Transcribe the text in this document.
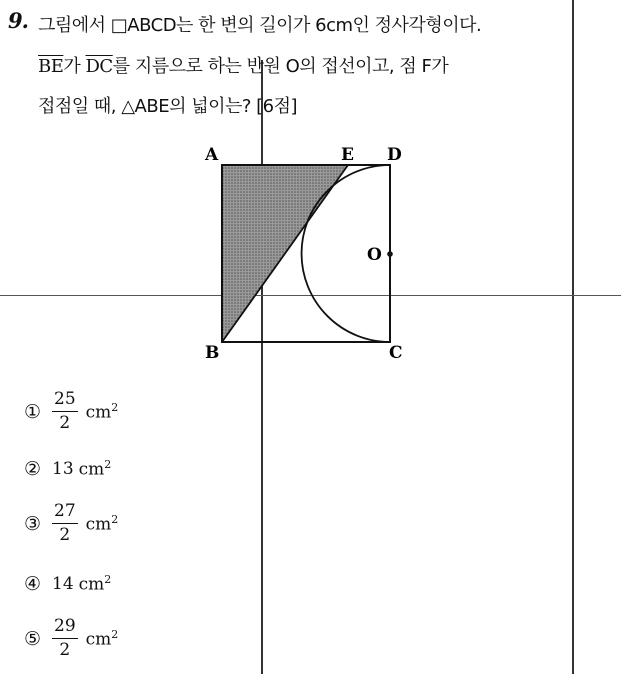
9. 그림에서 □ABCD는 한 변의 길이가 6cm인 정사각형이다.
$\overline{BE}$가 $\overline{DC}$를 지름으로 하는 반원 O의 접선이고, 점 F가
접점일 때, △ABE의 넓이는? [6점]
A	E D
O
B	C
① $\frac{25}{2} cm^2$
② 13 $cm^2$
③ $\frac{27}{2} cm^2$
④ 14 $cm^2$
⑤ $\frac{29}{2} cm^2$
